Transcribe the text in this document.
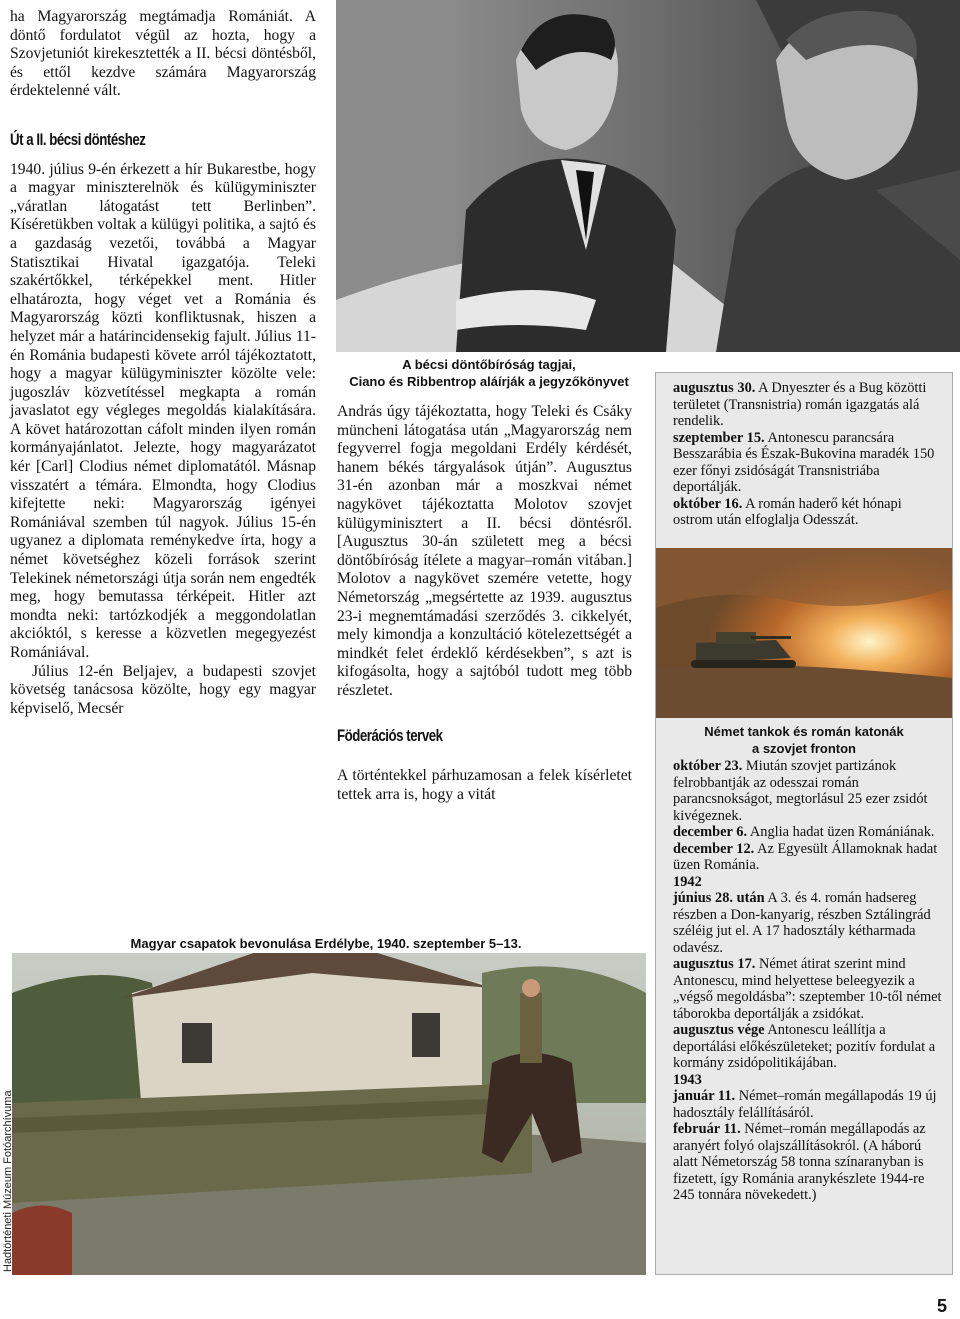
ha Magyarország megtámadja Romániát. A döntő fordulatot végül az hozta, hogy a Szovjetuniót kirekesztették a II. bécsi döntésből, és ettől kezdve számára Magyarország érdektelenné vált.

Út a II. bécsi döntéshez

1940. július 9-én érkezett a hír Bukarestbe, hogy a magyar miniszterelnök és külügyminiszter „váratlan látogatást tett Berlinben”. Kíséretükben voltak a külügyi politika, a sajtó és a gazdaság vezetői, továbbá a Magyar Statisztikai Hivatal igazgatója. Teleki szakértőkkel, térképekkel ment. Hitler elhatározta, hogy véget vet a Románia és Magyarország közti konfliktusnak, hiszen a helyzet már a határincidensekig fajult. Július 11-én Románia budapesti követe arról tájékoztatott, hogy a magyar külügyminiszter közölte vele: jugoszláv közvetítéssel megkapta a román javaslatot egy végleges megoldás kialakítására. A követ határozottan cáfolt minden ilyen román kormányajánlatot. Jelezte, hogy magyarázatot kér [Carl] Clodius német diplomatától. Másnap visszatért a témára. Elmondta, hogy Clodius kifejtette neki: Magyarország igényei Romániával szemben túl nagyok. Július 15-én ugyanez a diplomata reménykedve írta, hogy a német követséghez közeli források szerint Telekinek németországi útja során nem engedték meg, hogy bemutassa térképeit. Hitler azt mondta neki: tartózkodjék a meggondolatlan akcióktól, s keresse a közvetlen megegyezést Romániával.

Július 12-én Beljajev, a budapesti szovjet követség tanácsosa közölte, hogy egy magyar képviselő, Mecsér

A bécsi döntőbíróság tagjai,
Ciano és Ribbentrop aláírják a jegyzőkönyvet

András úgy tájékoztatta, hogy Teleki és Csáky müncheni látogatása után „Magyarország nem fegyverrel fogja megoldani Erdély kérdését, hanem békés tárgyalások útján”. Augusztus 31-én azonban már a moszkvai német nagykövet tájékoztatta Molotov szovjet külügyminisztert a II. bécsi döntésről. [Augusztus 30-án született meg a bécsi döntőbíróság ítélete a magyar–román vitában.] Molotov a nagykövet szemére vetette, hogy Németország „megsértette az 1939. augusztus 23-i megnemtámadási szerződés 3. cikkelyét, mely kimondja a konzultáció kötelezettségét a mindkét felet érdeklő kérdésekben”, s azt is kifogásolta, hogy a sajtóból tudott meg több részletet.

Föderációs tervek

A történtekkel párhuzamosan a felek kísérletet tettek arra is, hogy a vitát

augusztus 30. A Dnyeszter és a Bug közötti területet (Transnistria) román igazgatás alá rendelik.

szeptember 15. Antonescu parancsára Besszarábia és Észak-Bukovina maradék 150 ezer főnyi zsidóságát Transnistriába deportálják.

október 16. A román haderő két hónapi ostrom után elfoglalja Odesszát.

Német tankok és román katonák
a szovjet fronton

október 23. Miután szovjet partizánok felrobbantják az odesszai román parancsnokságot, megtorlásul 25 ezer zsidót kivégeznek.

december 6. Anglia hadat üzen Romániának.

december 12. Az Egyesült Államoknak hadat üzen Románia.

1942

június 28. után A 3. és 4. román hadsereg részben a Don-kanyarig, részben Sztálingrád széléig jut el. A 17 hadosztály kétharmada odavész.

augusztus 17. Német átirat szerint mind Antonescu, mind helyettese beleegyezik a „végső megoldásba”: szeptember 10-től német táborokba deportálják a zsidókat.

augusztus vége Antonescu leállítja a deportálási előkészületeket; pozitív fordulat a kormány zsidópolitikájában.

1943

január 11. Német–román megállapodás 19 új hadosztály felállításáról.

február 11. Német–román megállapodás az aranyért folyó olajszállításokról. (A háború alatt Németország 58 tonna színaranyban is fizetett, így Románia aranykészlete 1944-re 245 tonnára növekedett.)

Magyar csapatok bevonulása Erdélybe, 1940. szeptember 5–13.
Hadtörténeti Múzeum Fotóarchívuma
5
